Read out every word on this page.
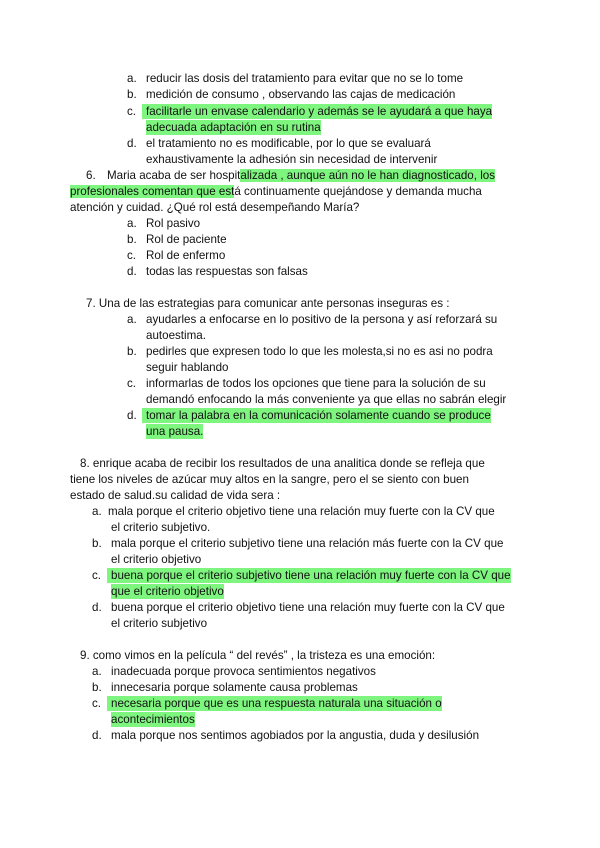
a. reducir las dosis del tratamiento para evitar que no se lo tome
b. medición de consumo , observando las cajas de medicación
c. facilitarle un envase calendario y además se le ayudará a que haya
adecuada adaptación en su rutina
d. el tratamiento no es modificable, por lo que se evaluará
exhaustivamente la adhesión sin necesidad de intervenir
6. Maria acaba de ser hospitalizada , aunque aún no le han diagnosticado, los
profesionales comentan que está continuamente quejándose y demanda mucha
atención y cuidad. ¿Qué rol está desempeñando María?
a. Rol pasivo
b. Rol de paciente
c. Rol de enfermo
d. todas las respuestas son falsas
7. Una de las estrategias para comunicar ante personas inseguras es :
a. ayudarles a enfocarse en lo positivo de la persona y así reforzará su
autoestima.
b. pedirles que expresen todo lo que les molesta,si no es asi no podra
seguir hablando
c. informarlas de todos los opciones que tiene para la solución de su
demandó enfocando la más conveniente ya que ellas no sabrán elegir
d. tomar la palabra en la comunicación solamente cuando se produce
una pausa.
8. enrique acaba de recibir los resultados de una analitica donde se refleja que
tiene los niveles de azúcar muy altos en la sangre, pero el se siento con buen
estado de salud.su calidad de vida sera :
a. mala porque el criterio objetivo tiene una relación muy fuerte con la CV que
el criterio subjetivo.
b. mala porque el criterio subjetivo tiene una relación más fuerte con la CV que
el criterio objetivo
c. buena porque el criterio subjetivo tiene una relación muy fuerte con la CV que
que el criterio objetivo
d. buena porque el criterio objetivo tiene una relación muy fuerte con la CV que
el criterio subjetivo
9. como vimos en la película “ del revés” , la tristeza es una emoción:
a. inadecuada porque provoca sentimientos negativos
b. innecesaria porque solamente causa problemas
c. necesaria porque que es una respuesta naturala una situación o
acontecimientos
d. mala porque nos sentimos agobiados por la angustia, duda y desilusión
